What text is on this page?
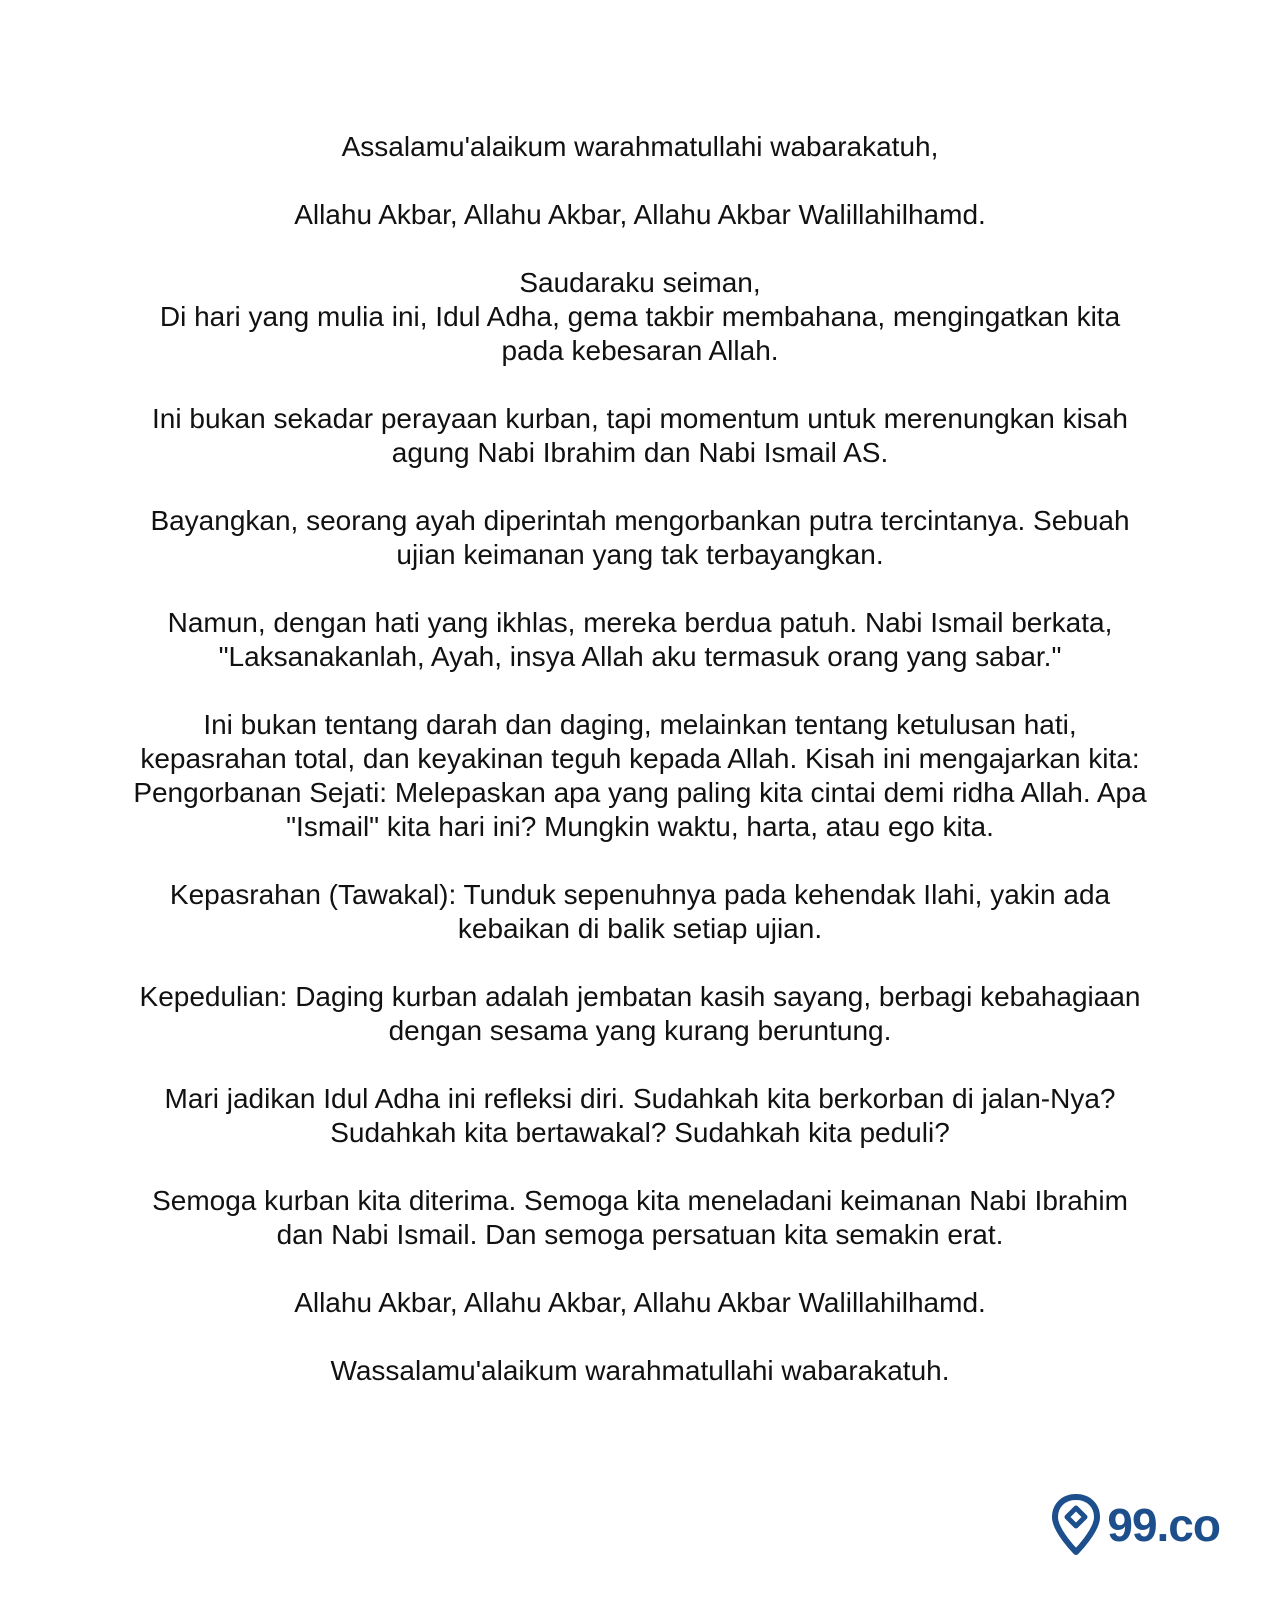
Assalamu'alaikum warahmatullahi wabarakatuh,

Allahu Akbar, Allahu Akbar, Allahu Akbar Walillahilhamd.

Saudaraku seiman,

Di hari yang mulia ini, Idul Adha, gema takbir membahana, mengingatkan kita pada kebesaran Allah.

Ini bukan sekadar perayaan kurban, tapi momentum untuk merenungkan kisah agung Nabi Ibrahim dan Nabi Ismail AS.

Bayangkan, seorang ayah diperintah mengorbankan putra tercintanya. Sebuah ujian keimanan yang tak terbayangkan.

Namun, dengan hati yang ikhlas, mereka berdua patuh. Nabi Ismail berkata, "Laksanakanlah, Ayah, insya Allah aku termasuk orang yang sabar."

Ini bukan tentang darah dan daging, melainkan tentang ketulusan hati, kepasrahan total, dan keyakinan teguh kepada Allah. Kisah ini mengajarkan kita:

Pengorbanan Sejati: Melepaskan apa yang paling kita cintai demi ridha Allah. Apa "Ismail" kita hari ini? Mungkin waktu, harta, atau ego kita.

Kepasrahan (Tawakal): Tunduk sepenuhnya pada kehendak Ilahi, yakin ada kebaikan di balik setiap ujian.

Kepedulian: Daging kurban adalah jembatan kasih sayang, berbagi kebahagiaan dengan sesama yang kurang beruntung.

Mari jadikan Idul Adha ini refleksi diri. Sudahkah kita berkorban di jalan-Nya? Sudahkah kita bertawakal? Sudahkah kita peduli?

Semoga kurban kita diterima. Semoga kita meneladani keimanan Nabi Ibrahim dan Nabi Ismail. Dan semoga persatuan kita semakin erat.

Allahu Akbar, Allahu Akbar, Allahu Akbar Walillahilhamd.

Wassalamu'alaikum warahmatullahi wabarakatuh.

99.co
